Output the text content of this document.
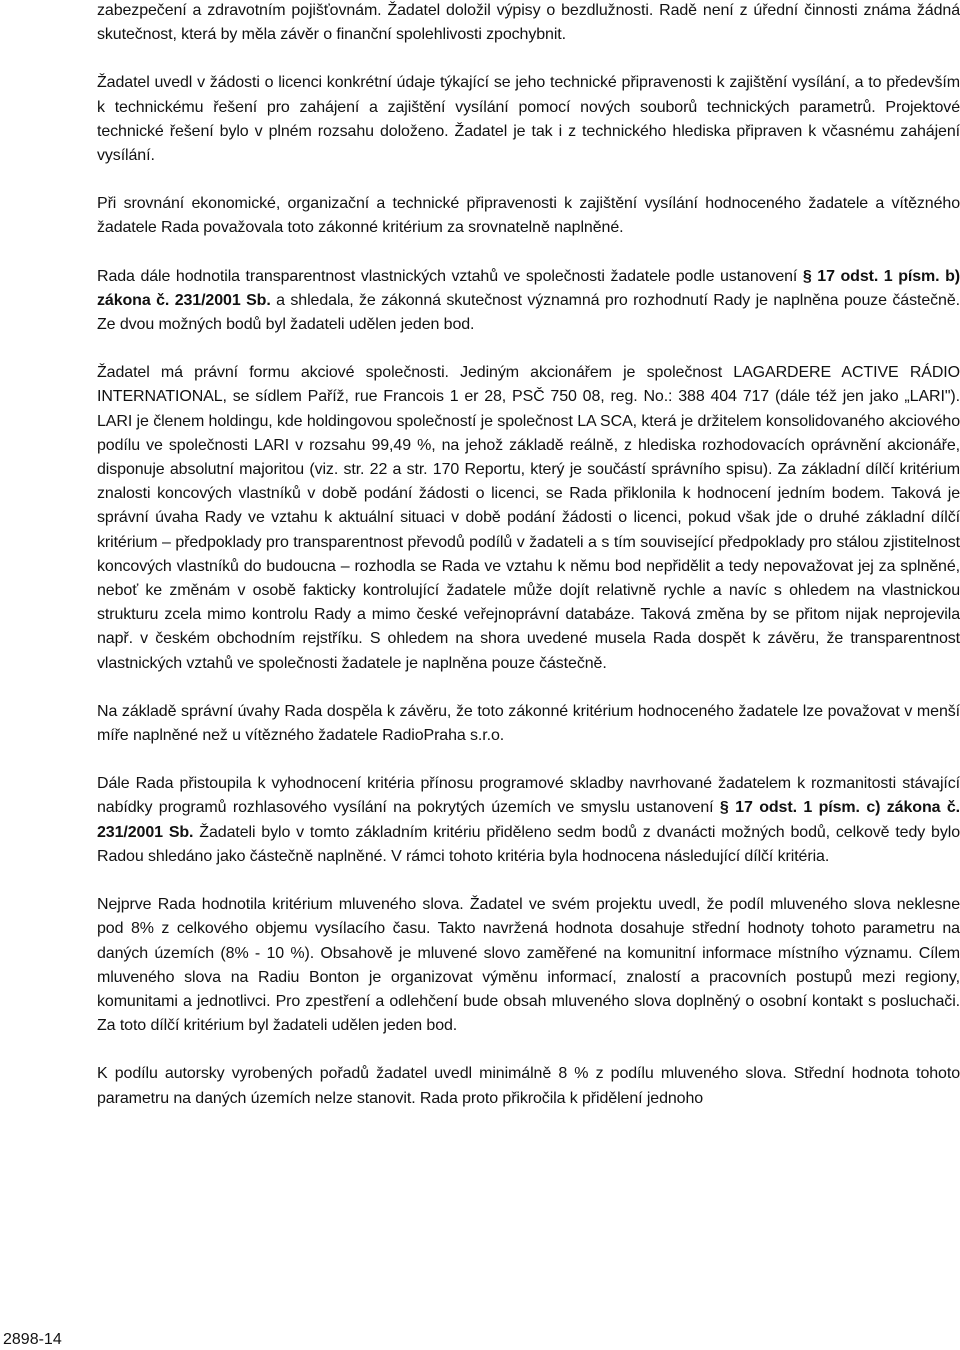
zabezpečení a zdravotním pojišťovnám. Žadatel doložil výpisy o bezdlužnosti. Radě není z úřední činnosti známa žádná skutečnost, která by měla závěr o finanční spolehlivosti zpochybnit.

Žadatel uvedl v žádosti o licenci konkrétní údaje týkající se jeho technické připravenosti k zajištění vysílání, a to především k technickému řešení pro zahájení a zajištění vysílání pomocí nových souborů technických parametrů. Projektové technické řešení bylo v plném rozsahu doloženo. Žadatel je tak i z technického hlediska připraven k včasnému zahájení vysílání.

Při srovnání ekonomické, organizační a technické připravenosti k zajištění vysílání hodnoceného žadatele a vítězného žadatele Rada považovala toto zákonné kritérium za srovnatelně naplněné.

Rada dále hodnotila transparentnost vlastnických vztahů ve společnosti žadatele podle ustanovení § 17 odst. 1 písm. b) zákona č. 231/2001 Sb. a shledala, že zákonná skutečnost významná pro rozhodnutí Rady je naplněna pouze částečně. Ze dvou možných bodů byl žadateli udělen jeden bod.

Žadatel má právní formu akciové společnosti. Jediným akcionářem je společnost LAGARDERE ACTIVE RÁDIO INTERNATIONAL, se sídlem Paříž, rue Francois 1 er 28, PSČ 750 08, reg. No.: 388 404 717 (dále též jen jako „LARI"). LARI je členem holdingu, kde holdingovou společností je společnost LA SCA, která je držitelem konsolidovaného akciového podílu ve společnosti LARI v rozsahu 99,49 %, na jehož základě reálně, z hlediska rozhodovacích oprávnění akcionáře, disponuje absolutní majoritou (viz. str. 22 a str. 170 Reportu, který je součástí správního spisu). Za základní dílčí kritérium znalosti koncových vlastníků v době podání žádosti o licenci, se Rada přiklonila k hodnocení jedním bodem. Taková je správní úvaha Rady ve vztahu k aktuální situaci v době podání žádosti o licenci, pokud však jde o druhé základní dílčí kritérium – předpoklady pro transparentnost převodů podílů v žadateli a s tím související předpoklady pro stálou zjistitelnost koncových vlastníků do budoucna – rozhodla se Rada ve vztahu k němu bod nepřidělit a tedy nepovažovat jej za splněné, neboť ke změnám v osobě fakticky kontrolující žadatele může dojít relativně rychle a navíc s ohledem na vlastnickou strukturu zcela mimo kontrolu Rady a mimo české veřejnoprávní databáze. Taková změna by se přitom nijak neprojevila např. v českém obchodním rejstříku. S ohledem na shora uvedené musela Rada dospět k závěru, že transparentnost vlastnických vztahů ve společnosti žadatele je naplněna pouze částečně.

Na základě správní úvahy Rada dospěla k závěru, že toto zákonné kritérium hodnoceného žadatele lze považovat v menší míře naplněné než u vítězného žadatele RadioPraha s.r.o.

Dále Rada přistoupila k vyhodnocení kritéria přínosu programové skladby navrhované žadatelem k rozmanitosti stávající nabídky programů rozhlasového vysílání na pokrytých územích ve smyslu ustanovení § 17 odst. 1 písm. c) zákona č. 231/2001 Sb. Žadateli bylo v tomto základním kritériu přiděleno sedm bodů z dvanácti možných bodů, celkově tedy bylo Radou shledáno jako částečně naplněné. V rámci tohoto kritéria byla hodnocena následující dílčí kritéria.

Nejprve Rada hodnotila kritérium mluveného slova. Žadatel ve svém projektu uvedl, že podíl mluveného slova neklesne pod 8% z celkového objemu vysílacího času. Takto navržená hodnota dosahuje střední hodnoty tohoto parametru na daných územích (8% - 10 %). Obsahově je mluvené slovo zaměřené na komunitní informace místního významu. Cílem mluveného slova na Radiu Bonton je organizovat výměnu informací, znalostí a pracovních postupů mezi regiony, komunitami a jednotlivci. Pro zpestření a odlehčení bude obsah mluveného slova doplněný o osobní kontakt s posluchači. Za toto dílčí kritérium byl žadateli udělen jeden bod.

K podílu autorsky vyrobených pořadů žadatel uvedl minimálně 8 % z podílu mluveného slova. Střední hodnota tohoto parametru na daných územích nelze stanovit. Rada proto přikročila k přidělení jednoho

2898-14
